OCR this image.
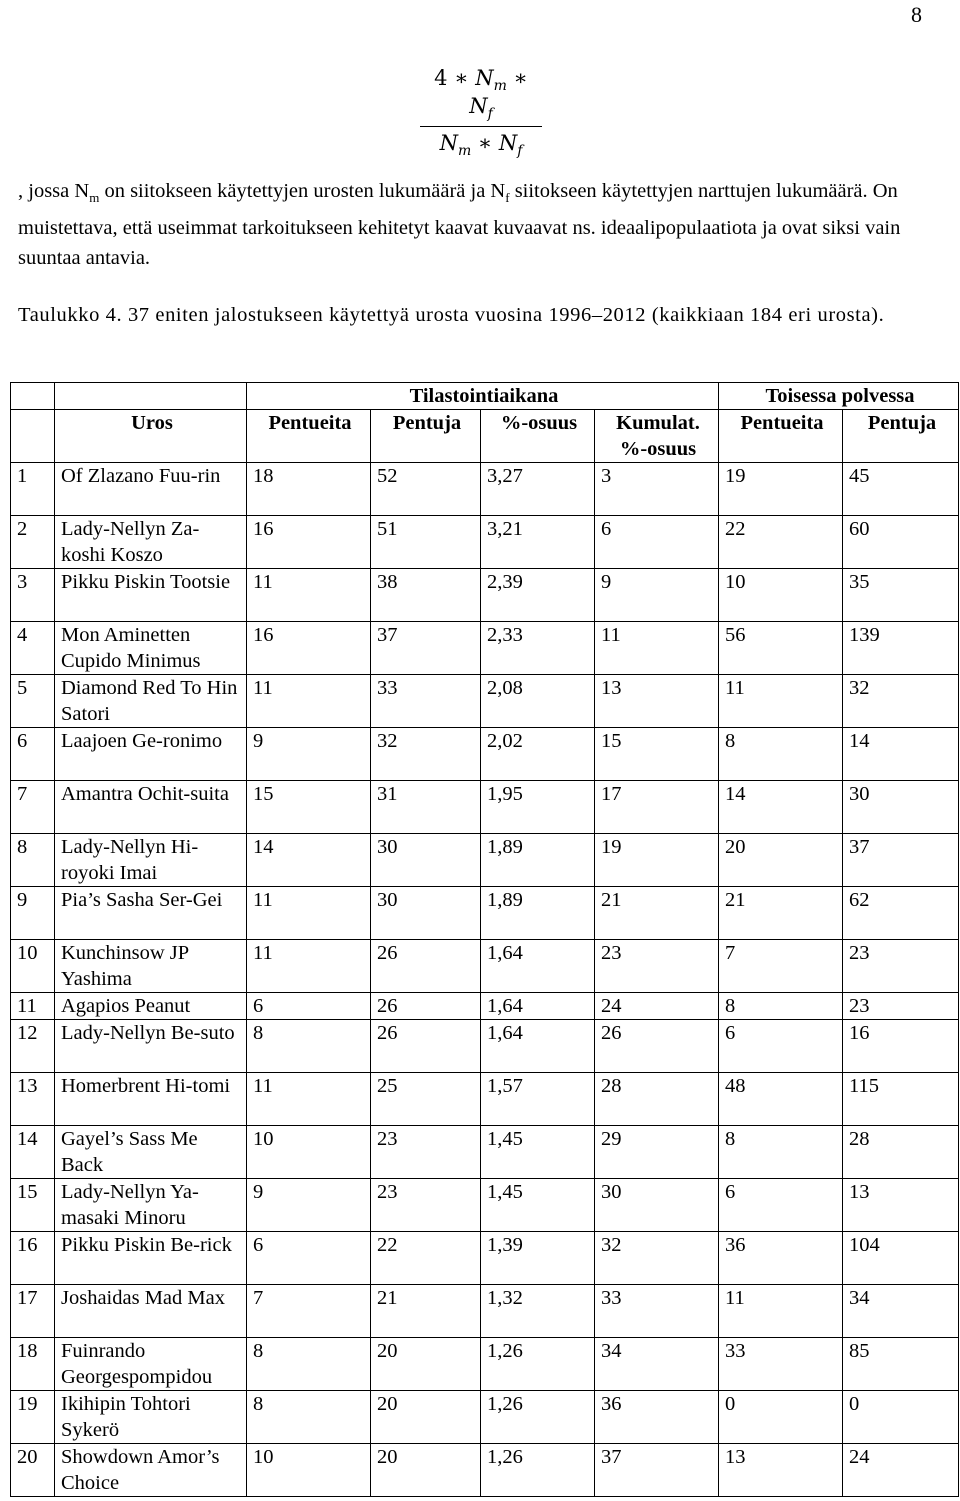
8
$\frac{4 ∗ N_m ∗ N_f}{N_m ∗ N_f}$
, jossa $N_m$ on siitokseen käytettyjen urosten lukumäärä ja $N_f$ siitokseen käytettyjen narttujen lukumäärä. On muistettava, että useimmat tarkoitukseen kehitetyt kaavat kuvaavat ns. ideaalipopulaatiota ja ovat siksi vain suuntaa antavia.
Taulukko 4. 37 eniten jalostukseen käytettyä urosta vuosina 1996–2012 (kaikkiaan 184 eri urosta).
		Tilastointiaikana				Toisessa polvessa	
	Uros	Pentueita	Pentuja	%-osuus	Kumulat. %-osuus	Pentueita	Pentuja
1	Of Zlazano Fuu-rin	18	52	3,27	3	19	45
2	Lady-Nellyn Za-koshi Koszo	16	51	3,21	6	22	60
3	Pikku Piskin Tootsie	11	38	2,39	9	10	35
4	Mon Aminetten Cupido Minimus	16	37	2,33	11	56	139
5	Diamond Red To Hin Satori	11	33	2,08	13	11	32
6	Laajoen Ge-ronimo	9	32	2,02	15	8	14
7	Amantra Ochit-suita	15	31	1,95	17	14	30
8	Lady-Nellyn Hi-royoki Imai	14	30	1,89	19	20	37
9	Pia’s Sasha Ser-Gei	11	30	1,89	21	21	62
10	Kunchinsow JP Yashima	11	26	1,64	23	7	23
11	Agapios Peanut	6	26	1,64	24	8	23
12	Lady-Nellyn Be-suto	8	26	1,64	26	6	16
13	Homerbrent Hi-tomi	11	25	1,57	28	48	115
14	Gayel’s Sass Me Back	10	23	1,45	29	8	28
15	Lady-Nellyn Ya-masaki Minoru	9	23	1,45	30	6	13
16	Pikku Piskin Be-rick	6	22	1,39	32	36	104
17	Joshaidas Mad Max	7	21	1,32	33	11	34
18	Fuinrando Georgespompidou	8	20	1,26	34	33	85
19	Ikihipin Tohtori Sykerö	8	20	1,26	36	0	0
20	Showdown Amor’s Choice	10	20	1,26	37	13	24
